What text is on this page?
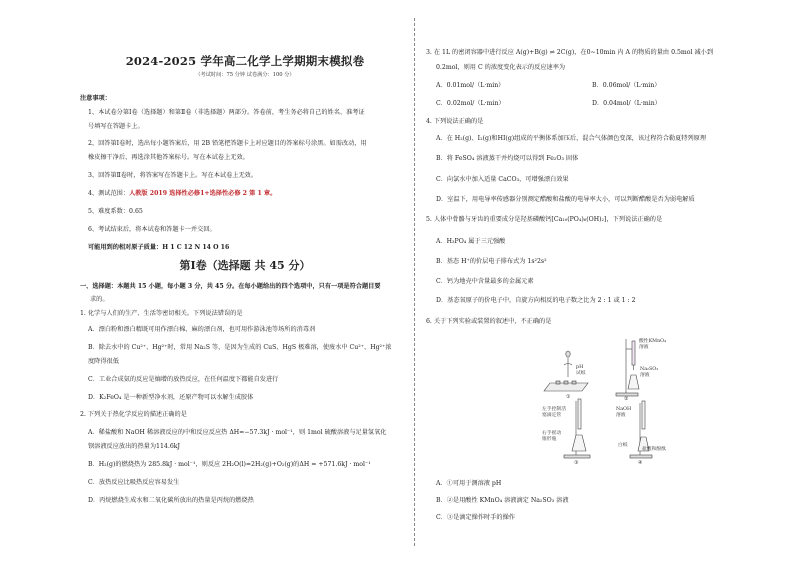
2024-2025 学年高二化学上学期期末模拟卷
（考试时间：75 分钟 试卷满分：100 分）
注意事项：
1、本试卷分第Ⅰ卷（选择题）和第Ⅱ卷（非选择题）两部分。答卷前，考生务必将自己的姓名、准考证
号填写在答题卡上。
2、回答第Ⅰ卷时，选出每小题答案后，用 2B 铅笔把答题卡上对应题目的答案标号涂黑。如需改动，用
橡皮擦干净后，再选涂其他答案标号。写在本试卷上无效。
3、回答第Ⅱ卷时，将答案写在答题卡上。写在本试卷上无效。
4、测试范围：人教版 2019 选择性必修1+选择性必修 2 第 1 章。
5、难度系数：0.65
6、考试结束后，将本试卷和答题卡一并交回。
可能用到的相对原子质量：H 1 C 12 N 14 O 16
第Ⅰ卷（选择题 共 45 分）
一、选择题：本题共 15 小题，每小题 3 分，共 45 分。在每小题给出的四个选项中，只有一项是符合题目要
求的。
1. 化学与人们的生产、生活等密切相关。下列说法错误的是
A．漂白粉和漂白精既可用作漂白棉、麻的漂白剂，也可用作游泳池等场所的消毒剂
B．除去水中的 Cu²⁺、Hg²⁺时，常用 Na₂S 等，是因为生成的 CuS、HgS 极难溶，使废水中 Cu²⁺、Hg²⁺浓
度降得很低
C．工业合成氨的反应是熵增的放热反应，在任何温度下都能自发进行
D．K₂FeO₄ 是一种新型净水剂，还原产物可以水解生成胶体
2. 下列关于热化学反应的描述正确的是
A．稀盐酸和 NaOH 稀溶液反应的中和反应反应热 ΔH=−57.3kJ · mol⁻¹，则 1mol 硫酸溶液与足量氢氧化
钡溶液反应放出的热量为114.6kJ
B．H₂(g)的燃烧热为 285.8kJ · mol⁻¹，则反应 2H₂O(l)=2H₂(g)+O₂(g)的ΔH = +571.6kJ · mol⁻¹
C．放热反应比吸热反应容易发生
D．丙烷燃烧生成水和二氧化碳所放出的热量是丙烷的燃烧热
3. 在 1L 的密闭容器中进行反应 A(g)+B(g) ⇌ 2C(g)，在0~10min 内 A 的物质的量由 0.5mol 减小到
0.2mol，则用 C 的浓度变化表示的反应速率为
A．0.01mol/（L·min）	B．0.06mol/（L·min）
C．0.02mol/（L·min）	D．0.04mol/（L·min）
4. 下列说法正确的是
A．在 H₂(g)、I₂(g)和HI(g)组成的平衡体系加压后，混合气体颜色变深，该过程符合勒夏特列原理
B．将 FeSO₄ 溶液蒸干并灼烧可以得到 Fe₂O₃ 固体
C．向氯水中加入适量 CaCO₃，可增强漂白效果
D．室温下，用电导率传感器分别测定醋酸和盐酸的电导率大小，可以判断醋酸是否为弱电解质
5. 人体中骨骼与牙齿的重要成分是羟基磷酸钙[Ca₁₀(PO₄)₆(OH)₂]，下列说法正确的是
A．H₃PO₄ 属于三元强酸
B．基态 H⁺的价层电子排布式为 1s²2s²
C．钙为地壳中含量最多的金属元素
D．基态氧原子的价电子中，自旋方向相反的电子数之比为 2 : 1 或 1 : 2
6. 关于下列实验或装置的叙述中，不正确的是
pH
试纸
酸性KMnO₄
溶液
Na₂SO₃
溶液
左手控制活
塞滴定管
右手摇动
锥形瓶
NaOH
溶液
白纸
盐酸和酚酞
①	②
③	④
A．①可用于测溶液 pH
B．②是用酸性 KMnO₄ 溶液滴定 Na₂SO₃ 溶液
C．③是滴定操作时手的操作
